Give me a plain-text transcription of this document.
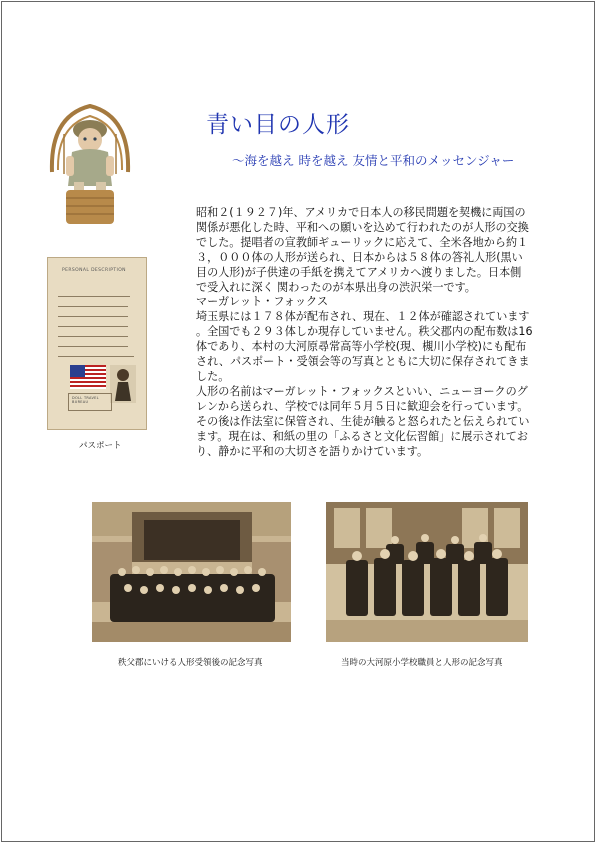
PERSONAL DESCRIPTION
DOLL TRAVEL BUREAU
パスポート
青い目の人形
～海を越え 時を越え 友情と平和のメッセンジャー

昭和２(１９２７)年、アメリカで日本人の移民問題を契機に両国の

関係が悪化した時、平和への願いを込めて行われたのが人形の交換

でした。提唱者の宣教師ギューリックに応えて、全米各地から約１

３，０００体の人形が送られ、日本からは５８体の答礼人形(黒い

目の人形)が子供達の手紙を携えてアメリカへ渡りました。日本側

で受入れに深く 関わったのが本県出身の渋沢栄一です。

マーガレット・フォックス

埼玉県には１７８体が配布され、現在、１２体が確認されています

。全国でも２９３体しか現存していません。秩父郡内の配布数は16

体であり、本村の大河原尋常高等小学校(現、槻川小学校)にも配布

され、パスポート・受領会等の写真とともに大切に保存されてきま

した。

人形の名前はマーガレット・フォックスといい、ニューヨークのグ

レンから送られ、学校では同年５月５日に歓迎会を行っています。

その後は作法室に保管され、生徒が触ると怒られたと伝えられてい

ます。現在は、和紙の里の「ふるさと文化伝習館」に展示されてお

り、静かに平和の大切さを語りかけています。

秩父郡にいける人形受領後の記念写真	当時の大河原小学校職員と人形の記念写真
